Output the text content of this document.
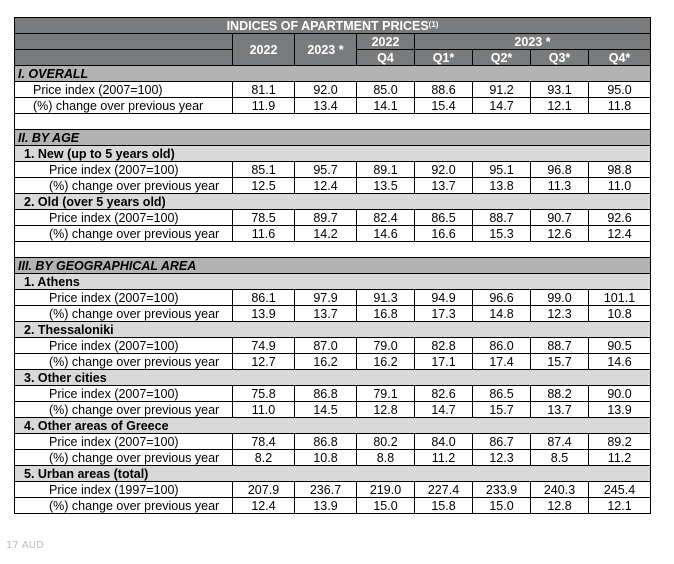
INDICES OF APARTMENT PRICES$^{(1)}$
	2022	2023 *	2022	2023 *			
			Q4	Q1*	Q2*	Q3*	Q4*
I. OVERALL							
Price index (2007=100)	81.1	92.0	85.0	88.6	91.2	93.1	95.0
(%) change over previous year	11.9	13.4	14.1	15.4	14.7	12.1	11.8

II. BY AGE							
1. New (up to 5 years old)							
Price index (2007=100)	85.1	95.7	89.1	92.0	95.1	96.8	98.8
(%) change over previous year	12.5	12.4	13.5	13.7	13.8	11.3	11.0
2. Old (over 5 years old)							
Price index (2007=100)	78.5	89.7	82.4	86.5	88.7	90.7	92.6
(%) change over previous year	11.6	14.2	14.6	16.6	15.3	12.6	12.4

III. BY GEOGRAPHICAL AREA							
1. Athens							
Price index (2007=100)	86.1	97.9	91.3	94.9	96.6	99.0	101.1
(%) change over previous year	13.9	13.7	16.8	17.3	14.8	12.3	10.8
2. Thessaloniki							
Price index (2007=100)	74.9	87.0	79.0	82.8	86.0	88.7	90.5
(%) change over previous year	12.7	16.2	16.2	17.1	17.4	15.7	14.6
3. Other cities							
Price index (2007=100)	75.8	86.8	79.1	82.6	86.5	88.2	90.0
(%) change over previous year	11.0	14.5	12.8	14.7	15.7	13.7	13.9
4. Other areas of Greece							
Price index (2007=100)	78.4	86.8	80.2	84.0	86.7	87.4	89.2
(%) change over previous year	8.2	10.8	8.8	11.2	12.3	8.5	11.2
5. Urban areas (total)							
Price index (1997=100)	207.9	236.7	219.0	227.4	233.9	240.3	245.4
(%) change over previous year	12.4	13.9	15.0	15.8	15.0	12.8	12.1
17 AUD
